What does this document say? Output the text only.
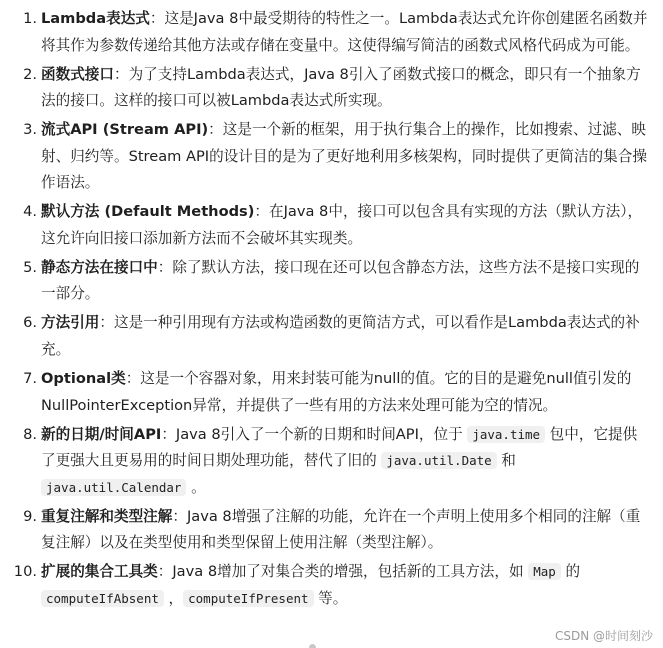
1. Lambda表达式：这是Java 8中最受期待的特性之一。Lambda表达式允许你创建匿名函数并将其作为参数传递给其他方法或存储在变量中。这使得编写简洁的函数式风格代码成为可能。
2. 函数式接口：为了支持Lambda表达式，Java 8引入了函数式接口的概念，即只有一个抽象方法的接口。这样的接口可以被Lambda表达式所实现。
3. 流式API (Stream API)：这是一个新的框架，用于执行集合上的操作，比如搜索、过滤、映射、归约等。Stream API的设计目的是为了更好地利用多核架构，同时提供了更简洁的集合操作语法。
4. 默认方法 (Default Methods)：在Java 8中，接口可以包含具有实现的方法（默认方法），这允许向旧接口添加新方法而不会破坏其实现类。
5. 静态方法在接口中：除了默认方法，接口现在还可以包含静态方法，这些方法不是接口实现的一部分。
6. 方法引用：这是一种引用现有方法或构造函数的更简洁方式，可以看作是Lambda表达式的补充。
7. Optional类：这是一个容器对象，用来封装可能为null的值。它的目的是避免null值引发的NullPointerException异常，并提供了一些有用的方法来处理可能为空的情况。
8. 新的日期/时间API：Java 8引入了一个新的日期和时间API，位于 java.time 包中，它提供了更强大且更易用的时间日期处理功能，替代了旧的 java.util.Date 和 java.util.Calendar 。
9. 重复注解和类型注解：Java 8增强了注解的功能，允许在一个声明上使用多个相同的注解（重复注解）以及在类型使用和类型保留上使用注解（类型注解）。
10. 扩展的集合工具类：Java 8增加了对集合类的增强，包括新的工具方法，如 Map 的 computeIfAbsent ， computeIfPresent 等。
CSDN @时间刻沙
